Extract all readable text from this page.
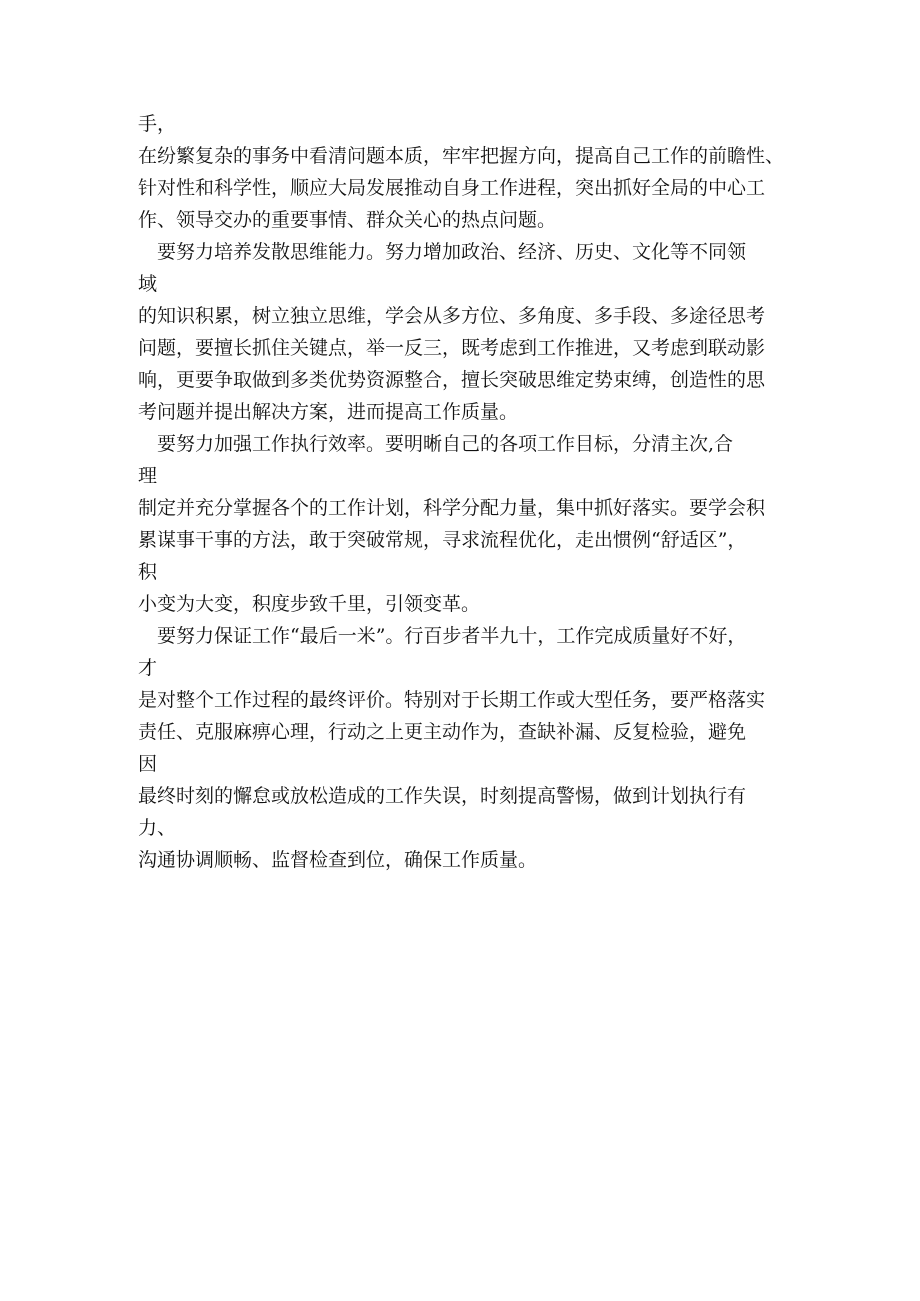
手，
在纷繁复杂的事务中看清问题本质，牢牢把握方向，提高自己工作的前瞻性、
针对性和科学性，顺应大局发展推动自身工作进程，突出抓好全局的中心工
作、领导交办的重要事情、群众关心的热点问题。
要努力培养发散思维能力。努力增加政治、经济、历史、文化等不同领
域
的知识积累，树立独立思维，学会从多方位、多角度、多手段、多途径思考
问题，要擅长抓住关键点，举一反三，既考虑到工作推进，又考虑到联动影
响，更要争取做到多类优势资源整合，擅长突破思维定势束缚，创造性的思
考问题并提出解决方案，进而提高工作质量。
要努力加强工作执行效率。要明晰自己的各项工作目标，分清主次,合
理
制定并充分掌握各个的工作计划，科学分配力量，集中抓好落实。要学会积
累谋事干事的方法，敢于突破常规，寻求流程优化，走出惯例“舒适区”，
积
小变为大变，积度步致千里，引领变革。
要努力保证工作“最后一米”。行百步者半九十，工作完成质量好不好，
才
是对整个工作过程的最终评价。特别对于长期工作或大型任务，要严格落实
责任、克服麻痹心理，行动之上更主动作为，查缺补漏、反复检验，避免
因
最终时刻的懈怠或放松造成的工作失误，时刻提高警惕，做到计划执行有
力、
沟通协调顺畅、监督检查到位，确保工作质量。
